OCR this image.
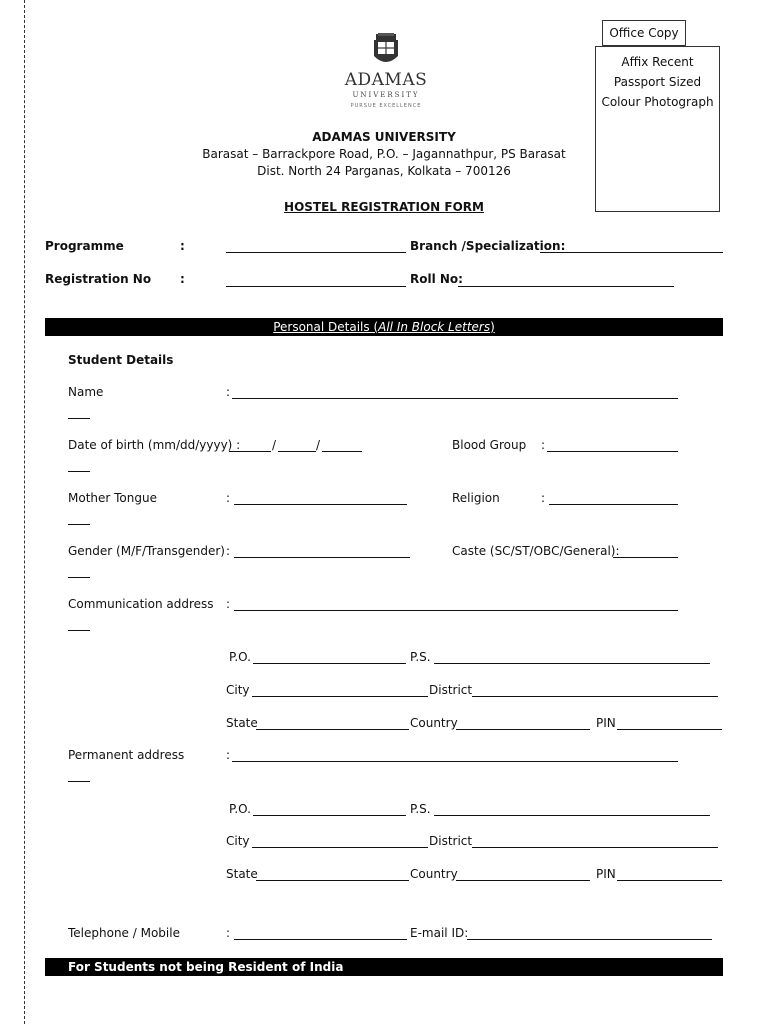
ADAMAS
UNIVERSITY
PURSUE EXCELLENCE
Office Copy
Affix Recent
Passport Sized
Colour Photograph
ADAMAS UNIVERSITY
Barasat – Barrackpore Road, P.O. – Jagannathpur, PS Barasat
Dist. North 24 Parganas, Kolkata – 700126
HOSTEL REGISTRATION FORM
Programme	:	Branch /Specialization:
Registration No :	Roll No:
Personal Details (All In Block Letters)
Student Details
Name	:
Date of birth (mm/dd/yyyy) :	/	/	Blood Group :
Mother Tongue	:	Religion	:
Gender (M/F/Transgender) :	Caste (SC/ST/OBC/General):
Communication address :
P.O.	P.S.
City	District
State	Country	PIN
Permanent address	:
P.O.	P.S.
City	District
State	Country	PIN
Telephone / Mobile	:	E-mail ID:
For Students not being Resident of India
